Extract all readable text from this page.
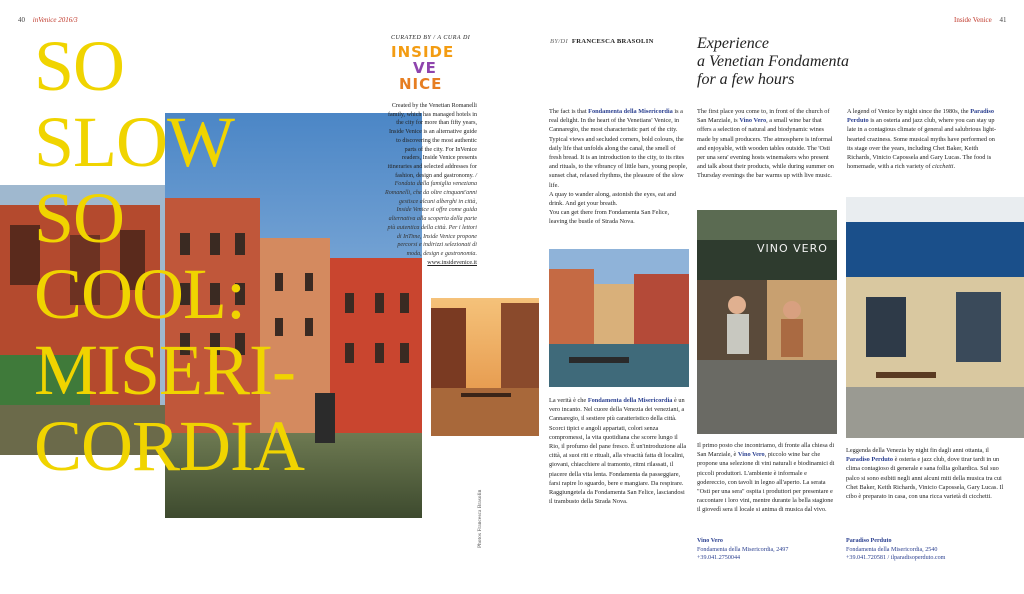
40 inVenice 2016/3	Inside Venice 41
SO
SLOW
SO
COOL:
MISERI-
CORDIA
Photos Francesca Brasolin
CURATED BY / A CURA DI
INSIDE
VE
NICE
Created by the Venetian Romanelli family, which has managed hotels in the city for more than fifty years, Inside Venice is an alternative guide to discovering the most authentic parts of the city. For InVenice readers, Inside Venice presents itineraries and selected addresses for fashion, design and gastronomy. / Fondata dalla famiglia veneziana Romanelli, che da oltre cinquant'anni gestisce alcuni alberghi in città, Inside Venice si offre come guida alternativa alla scoperta della parte più autentica della città. Per i lettori di InTime, Inside Venice propone percorsi e indirizzi selezionati di moda, design e gastronomia.
www.insidevenice.it
BY/DI FRANCESCA BRASOLIN	Experience
a Venetian Fondamenta
for a few hours
The fact is that Fondamenta della Misericordia is a real delight. In the heart of the Venetians' Venice, in Cannaregio, the most characteristic part of the city. Typical views and secluded corners, bold colours, the daily life that unfolds along the canal, the smell of fresh bread. It is an introduction to the city, to its rites and rituals, to the vibrancy of little bars, young people, sunset chat, relaxed rhythms, the pleasure of the slow life.
A quay to wander along, astonish the eyes, eat and drink. And get your breath.
You can get there from Fondamenta San Felice, leaving the bustle of Strada Nova.
The first place you come to, in front of the church of San Marziale, is Vino Vero, a small wine bar that offers a selection of natural and biodynamic wines made by small producers. The atmosphere is informal and enjoyable, with wooden tables outside. The 'Osti per una sera' evening hosts winemakers who present and talk about their products, while during summer on Thursday evenings the bar warms up with live music.
A legend of Venice by night since the 1980s, the Paradiso Perduto is an osteria and jazz club, where you can stay up late in a contagious climate of general and salubrious light-hearted craziness. Some musical myths have performed on its stage over the years, including Chet Baker, Keith Richards, Vinicio Capossela and Gary Lucas. The food is homemade, with a rich variety of cicchetti.
VINO VERO
La verità è che Fondamenta della Misericordia è un vero incanto. Nel cuore della Venezia dei veneziani, a Cannaregio, il sestiere più caratteristico della città. Scorci tipici e angoli appartati, colori senza compromessi, la vita quotidiana che scorre lungo il Rio, il profumo del pane fresco. È un'introduzione alla città, ai suoi riti e rituali, alla vivacità fatta di localini, giovani, chiacchiere al tramonto, ritmi rilassati, il piacere della vita lenta. Fondamenta da passeggiare, farsi rapire lo sguardo, bere e mangiare. Da respirare. Raggiungetela da Fondamenta San Felice, lasciandosi il trambusto della Strada Nova.
Il primo posto che incontriamo, di fronte alla chiesa di San Marziale, è Vino Vero, piccolo wine bar che propone una selezione di vini naturali e biodinamici di piccoli produttori. L'ambiente è informale e godereccio, con tavoli in legno all'aperto. La serata "Osti per una sera" ospita i produttori per presentare e raccontare i loro vini, mentre durante la bella stagione il giovedì sera il locale si anima di musica dal vivo.
Leggenda della Venezia by night fin dagli anni ottanta, il Paradiso Perduto è osteria e jazz club, dove tirar tardi in un clima contagioso di generale e sana follia goliardica. Sul suo palco si sono esibiti negli anni alcuni miti della musica tra cui Chet Baker, Keith Richards, Vinicio Capossela, Gary Lucas. Il cibo è preparato in casa, con una ricca varietà di cicchetti.
Vino Vero
Fondamenta della Misericordia, 2497
+39.041.2750044
Paradiso Perduto
Fondamenta della Misericordia, 2540
+39.041.720581 / ilparadisoperduto.com
